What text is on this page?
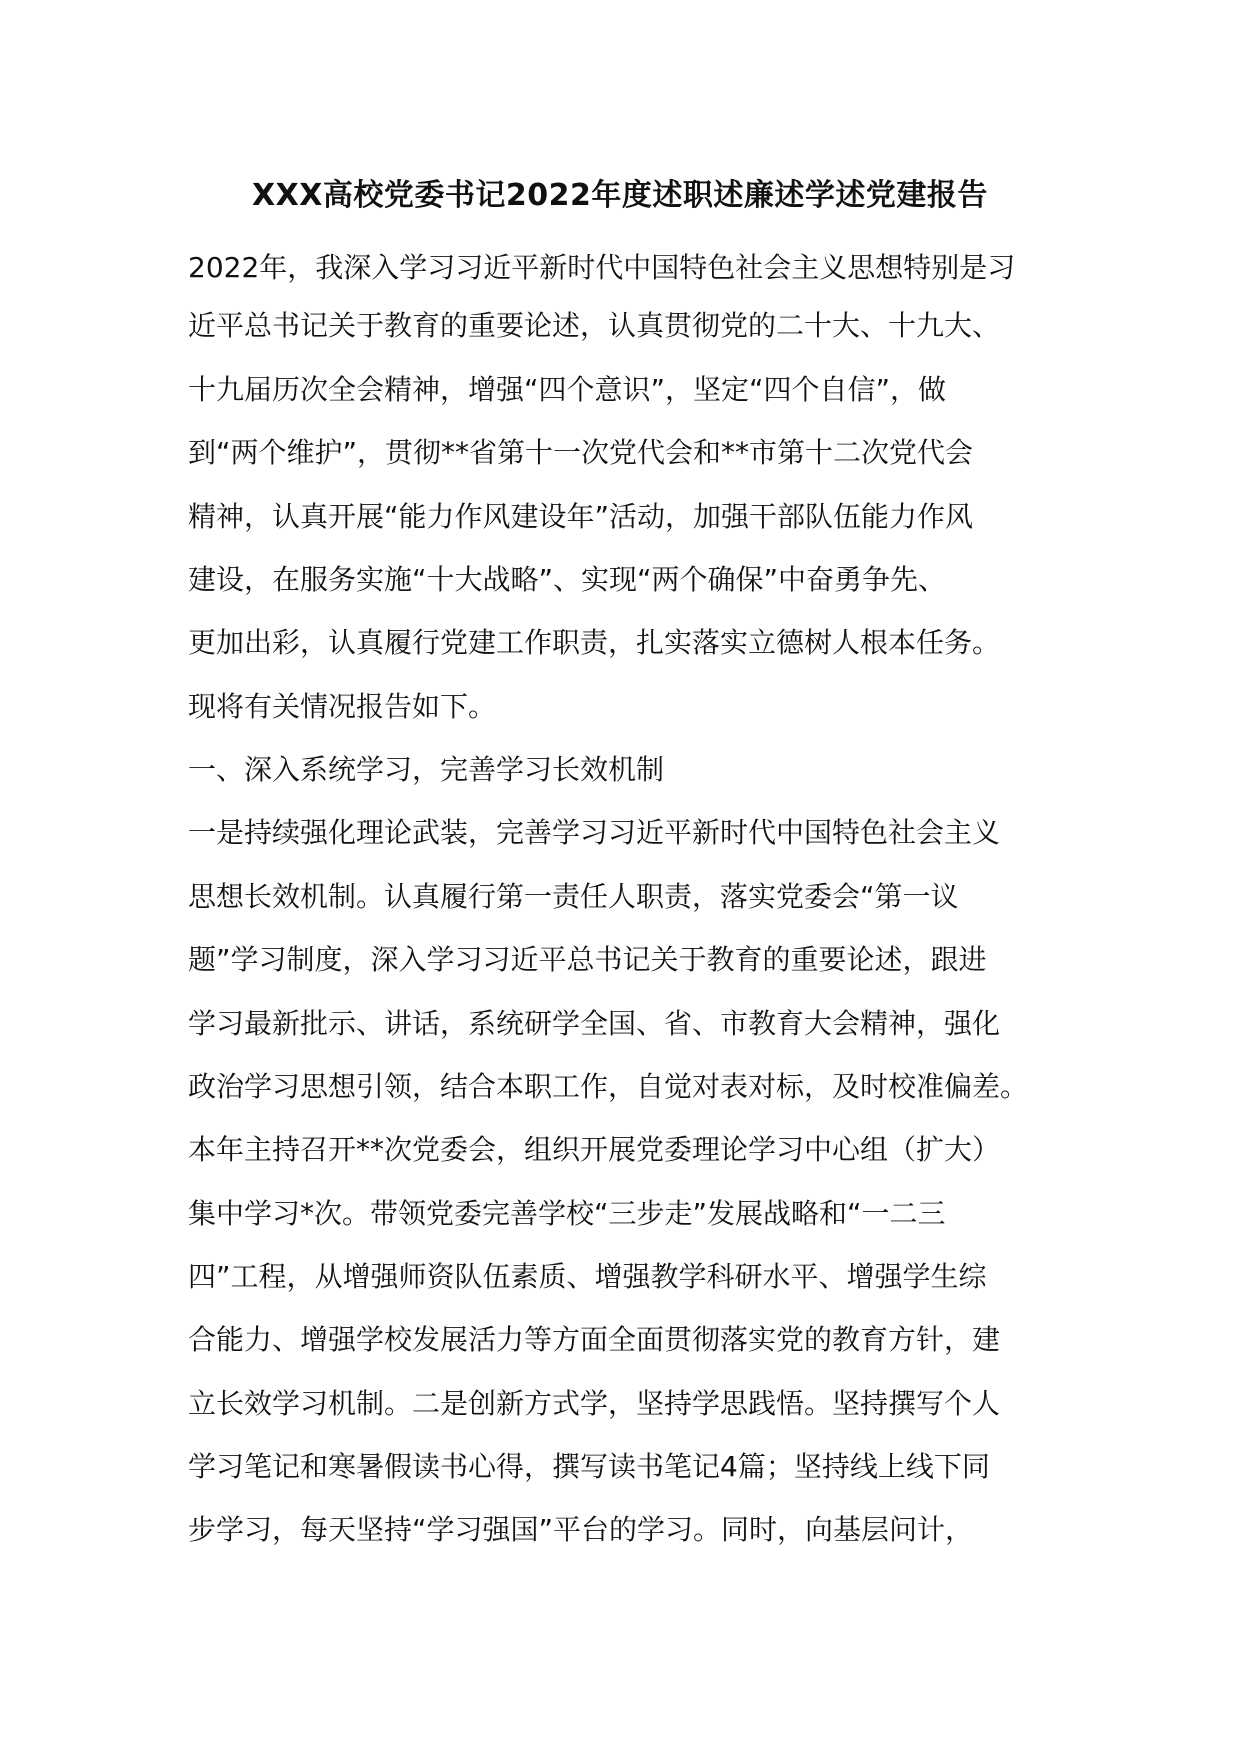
XXX高校党委书记2022年度述职述廉述学述党建报告
2022年，我深入学习习近平新时代中国特色社会主义思想特别是习
近平总书记关于教育的重要论述，认真贯彻党的二十大、十九大、
十九届历次全会精神，增强“四个意识”，坚定“四个自信”，做
到“两个维护”，贯彻**省第十一次党代会和**市第十二次党代会
精神，认真开展“能力作风建设年”活动，加强干部队伍能力作风
建设，在服务实施“十大战略”、实现“两个确保”中奋勇争先、
更加出彩，认真履行党建工作职责，扎实落实立德树人根本任务。
现将有关情况报告如下。
一、深入系统学习，完善学习长效机制
一是持续强化理论武装，完善学习习近平新时代中国特色社会主义
思想长效机制。认真履行第一责任人职责，落实党委会“第一议
题”学习制度，深入学习习近平总书记关于教育的重要论述，跟进
学习最新批示、讲话，系统研学全国、省、市教育大会精神，强化
政治学习思想引领，结合本职工作，自觉对表对标，及时校准偏差。
本年主持召开**次党委会，组织开展党委理论学习中心组（扩大）
集中学习*次。带领党委完善学校“三步走”发展战略和“一二三
四”工程，从增强师资队伍素质、增强教学科研水平、增强学生综
合能力、增强学校发展活力等方面全面贯彻落实党的教育方针，建
立长效学习机制。二是创新方式学，坚持学思践悟。坚持撰写个人
学习笔记和寒暑假读书心得，撰写读书笔记4篇；坚持线上线下同
步学习，每天坚持“学习强国”平台的学习。同时，向基层问计，
